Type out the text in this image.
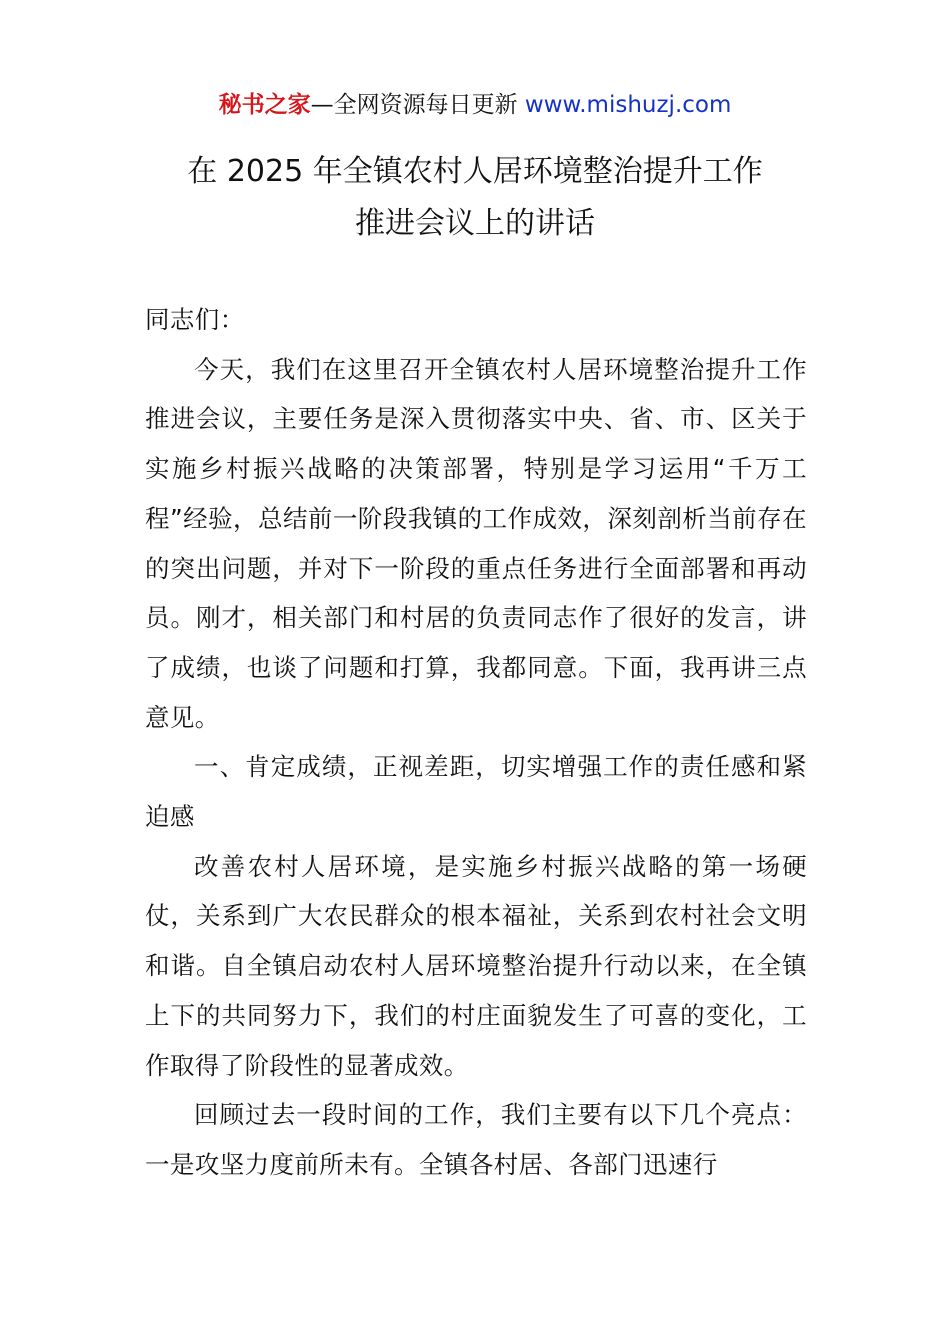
秘书之家—全网资源每日更新 www.mishuzj.com
在 2025 年全镇农村人居环境整治提升工作
推进会议上的讲话

同志们：

今天，我们在这里召开全镇农村人居环境整治提升工作推进会议，主要任务是深入贯彻落实中央、省、市、区关于实施乡村振兴战略的决策部署，特别是学习运用“千万工程”经验，总结前一阶段我镇的工作成效，深刻剖析当前存在的突出问题，并对下一阶段的重点任务进行全面部署和再动员。刚才，相关部门和村居的负责同志作了很好的发言，讲了成绩，也谈了问题和打算，我都同意。下面，我再讲三点意见。

一、肯定成绩，正视差距，切实增强工作的责任感和紧迫感

改善农村人居环境，是实施乡村振兴战略的第一场硬仗，关系到广大农民群众的根本福祉，关系到农村社会文明和谐。自全镇启动农村人居环境整治提升行动以来，在全镇上下的共同努力下，我们的村庄面貌发生了可喜的变化，工作取得了阶段性的显著成效。

回顾过去一段时间的工作，我们主要有以下几个亮点：一是攻坚力度前所未有。全镇各村居、各部门迅速行
